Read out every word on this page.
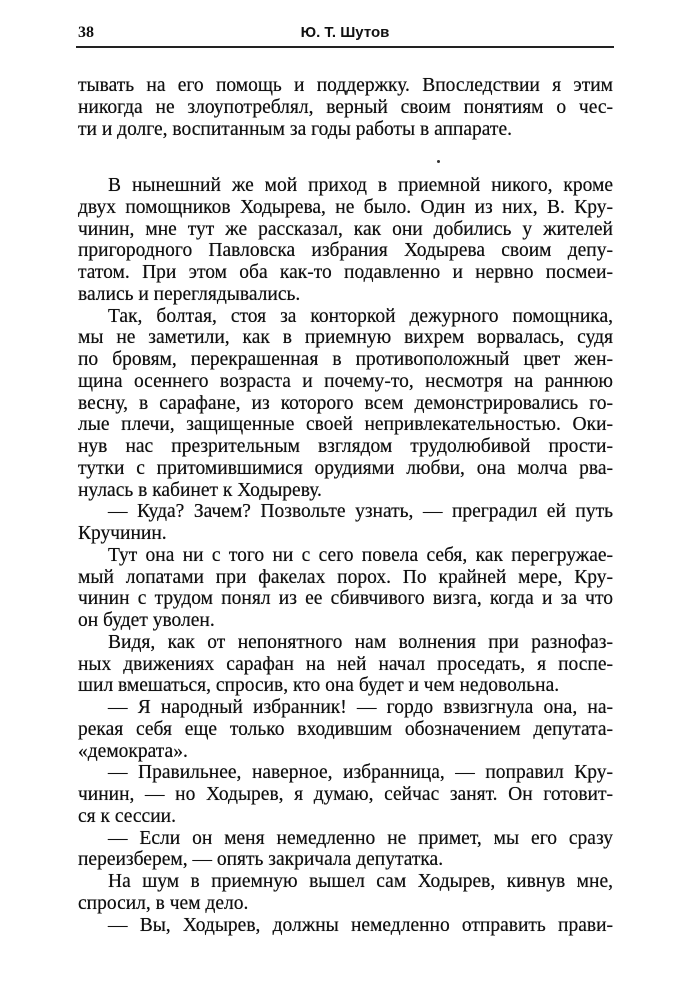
38	Ю. Т. Шутов
тывать на его помощь и поддержку. Впоследствии я этим
никогда не злоупотреблял, верный своим понятиям о чес-
ти и долге, воспитанным за годы работы в аппарате.
В нынешний же мой приход в приемной никого, кроме
двух помощников Ходырева, не было. Один из них, В. Кру-
чинин, мне тут же рассказал, как они добились у жителей
пригородного Павловска избрания Ходырева своим депу-
татом. При этом оба как-то подавленно и нервно посмеи-
вались и переглядывались.
Так, болтая, стоя за конторкой дежурного помощника,
мы не заметили, как в приемную вихрем ворвалась, судя
по бровям, перекрашенная в противоположный цвет жен-
щина осеннего возраста и почему-то, несмотря на раннюю
весну, в сарафане, из которого всем демонстрировались го-
лые плечи, защищенные своей непривлекательностью. Оки-
нув нас презрительным взглядом трудолюбивой прости-
тутки с притомившимися орудиями любви, она молча рва-
нулась в кабинет к Ходыреву.
— Куда? Зачем? Позвольте узнать, — преградил ей путь
Кручинин.
Тут она ни с того ни с сего повела себя, как перегружае-
мый лопатами при факелах порох. По крайней мере, Кру-
чинин с трудом понял из ее сбивчивого визга, когда и за что
он будет уволен.
Видя, как от непонятного нам волнения при разнофаз-
ных движениях сарафан на ней начал проседать, я поспе-
шил вмешаться, спросив, кто она будет и чем недовольна.
— Я народный избранник! — гордо взвизгнула она, на-
рекая себя еще только входившим обозначением депутата-
«демократа».
— Правильнее, наверное, избранница, — поправил Кру-
чинин, — но Ходырев, я думаю, сейчас занят. Он готовит-
ся к сессии.
— Если он меня немедленно не примет, мы его сразу
переизберем, — опять закричала депутатка.
На шум в приемную вышел сам Ходырев, кивнув мне,
спросил, в чем дело.
— Вы, Ходырев, должны немедленно отправить прави-
